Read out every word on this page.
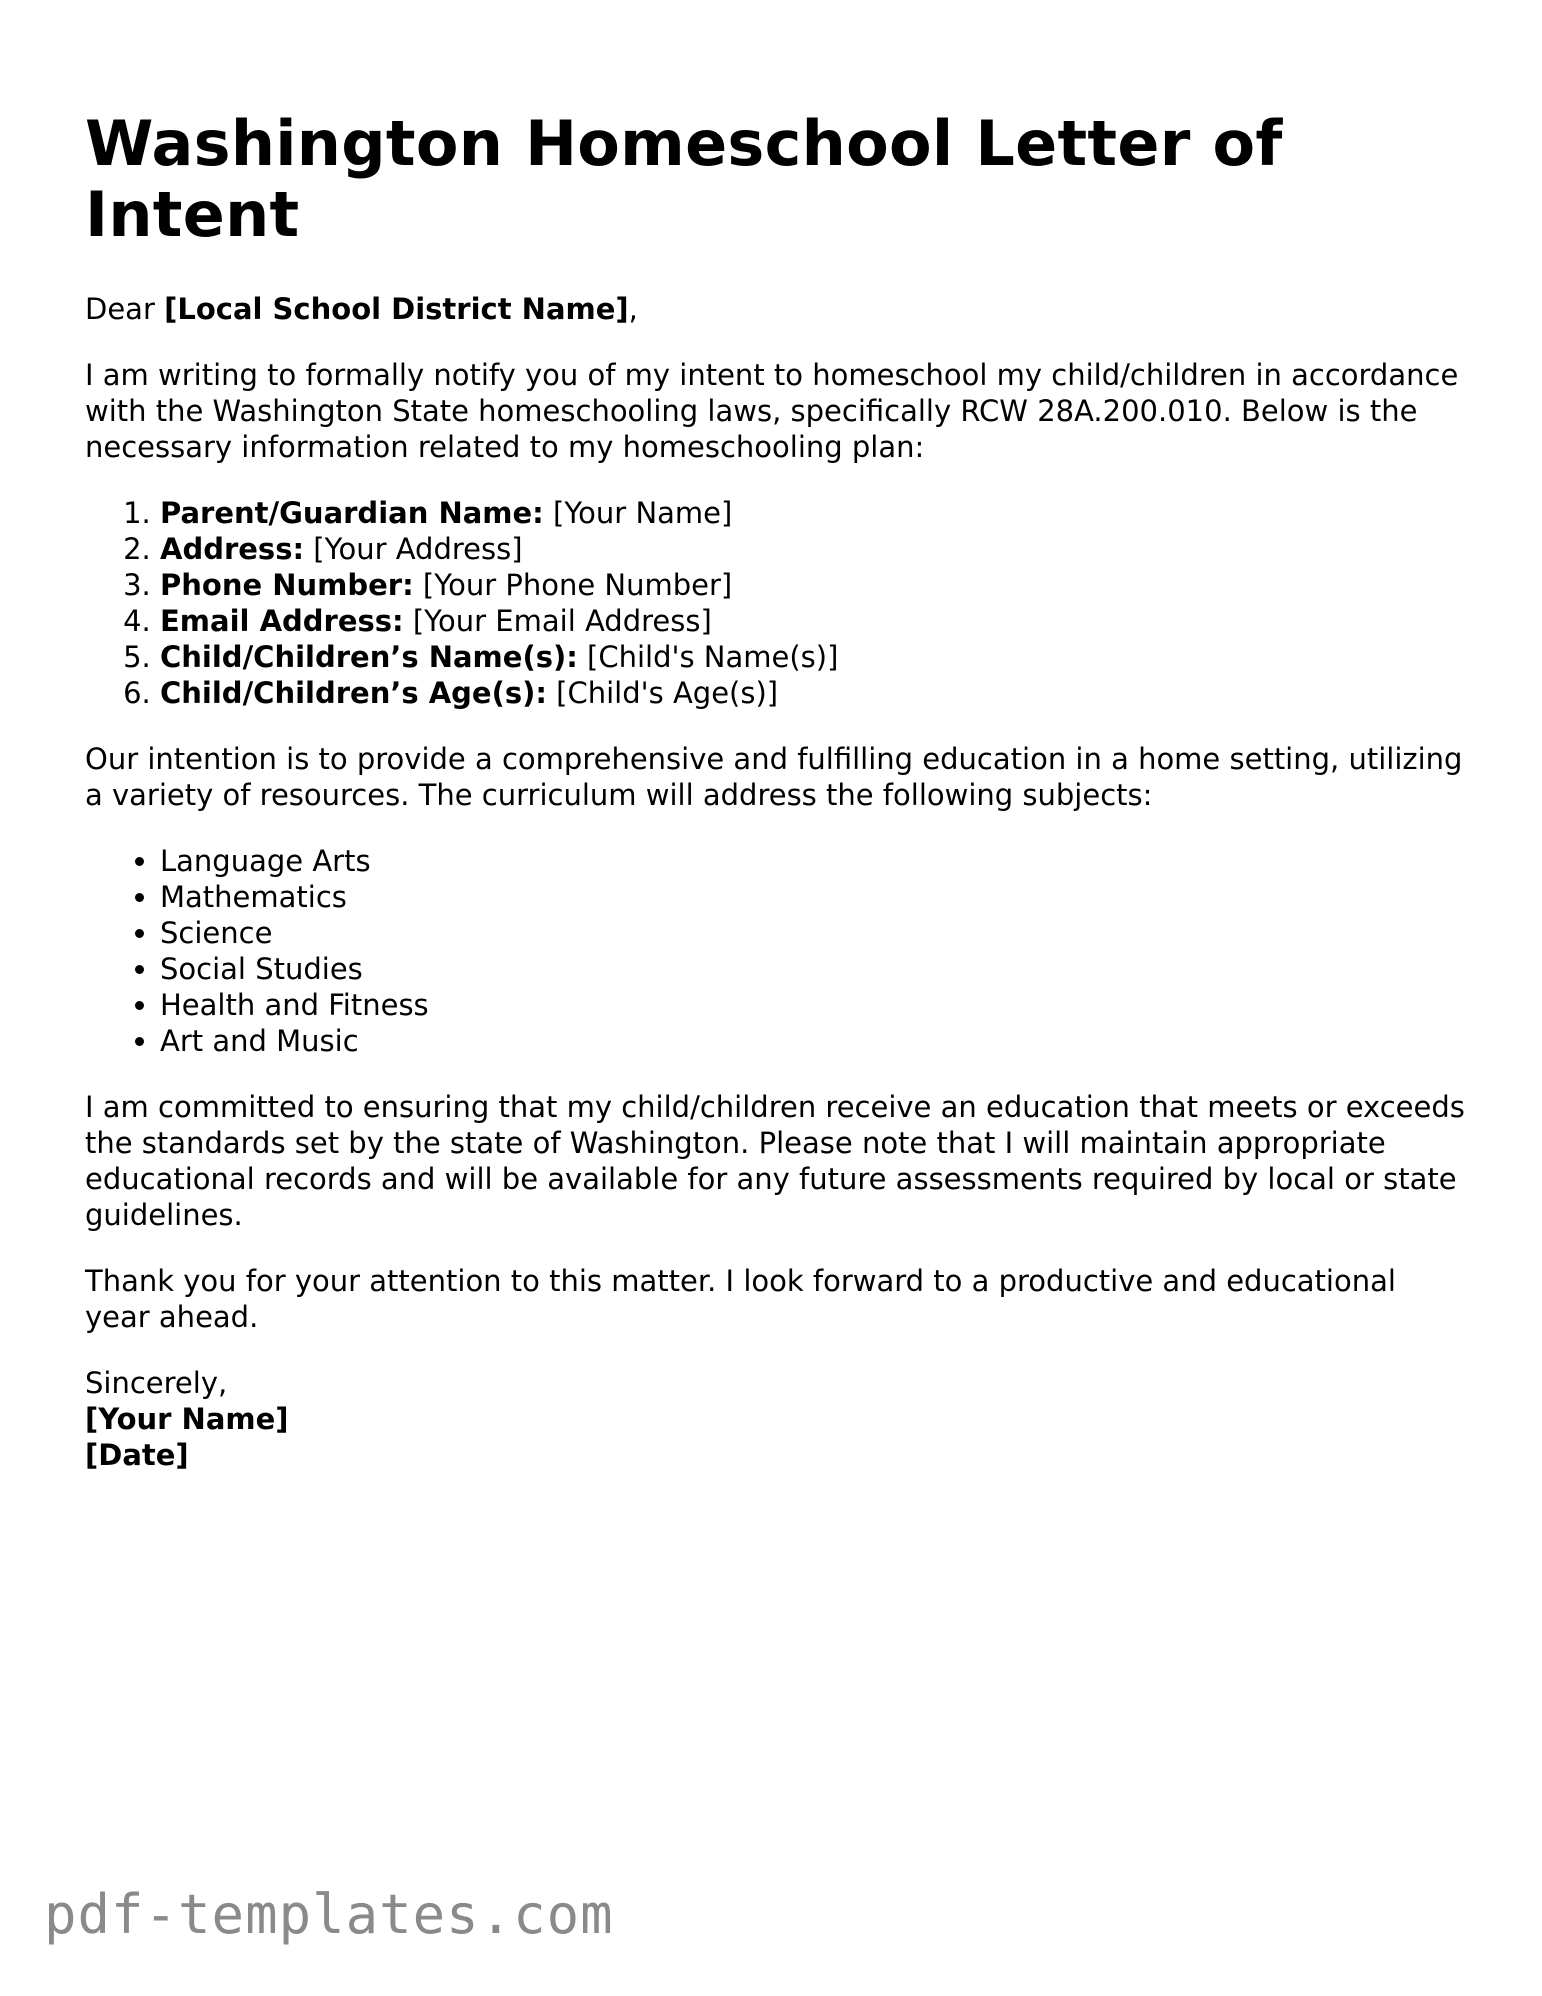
Washington Homeschool Letter of Intent
Dear [Local School District Name],
I am writing to formally notify you of my intent to homeschool my child/children in accordance with the Washington State homeschooling laws, specifically RCW 28A.200.010. Below is the necessary information related to my homeschooling plan:
1. Parent/Guardian Name: [Your Name]
2. Address: [Your Address]
3. Phone Number: [Your Phone Number]
4. Email Address: [Your Email Address]
5. Child/Children’s Name(s): [Child's Name(s)]
6. Child/Children’s Age(s): [Child's Age(s)]
Our intention is to provide a comprehensive and fulfilling education in a home setting, utilizing a variety of resources. The curriculum will address the following subjects:
• Language Arts
• Mathematics
• Science
• Social Studies
• Health and Fitness
• Art and Music
I am committed to ensuring that my child/children receive an education that meets or exceeds the standards set by the state of Washington. Please note that I will maintain appropriate educational records and will be available for any future assessments required by local or state guidelines.
Thank you for your attention to this matter. I look forward to a productive and educational year ahead.
Sincerely,
[Your Name]
[Date]
pdf-templates.com
